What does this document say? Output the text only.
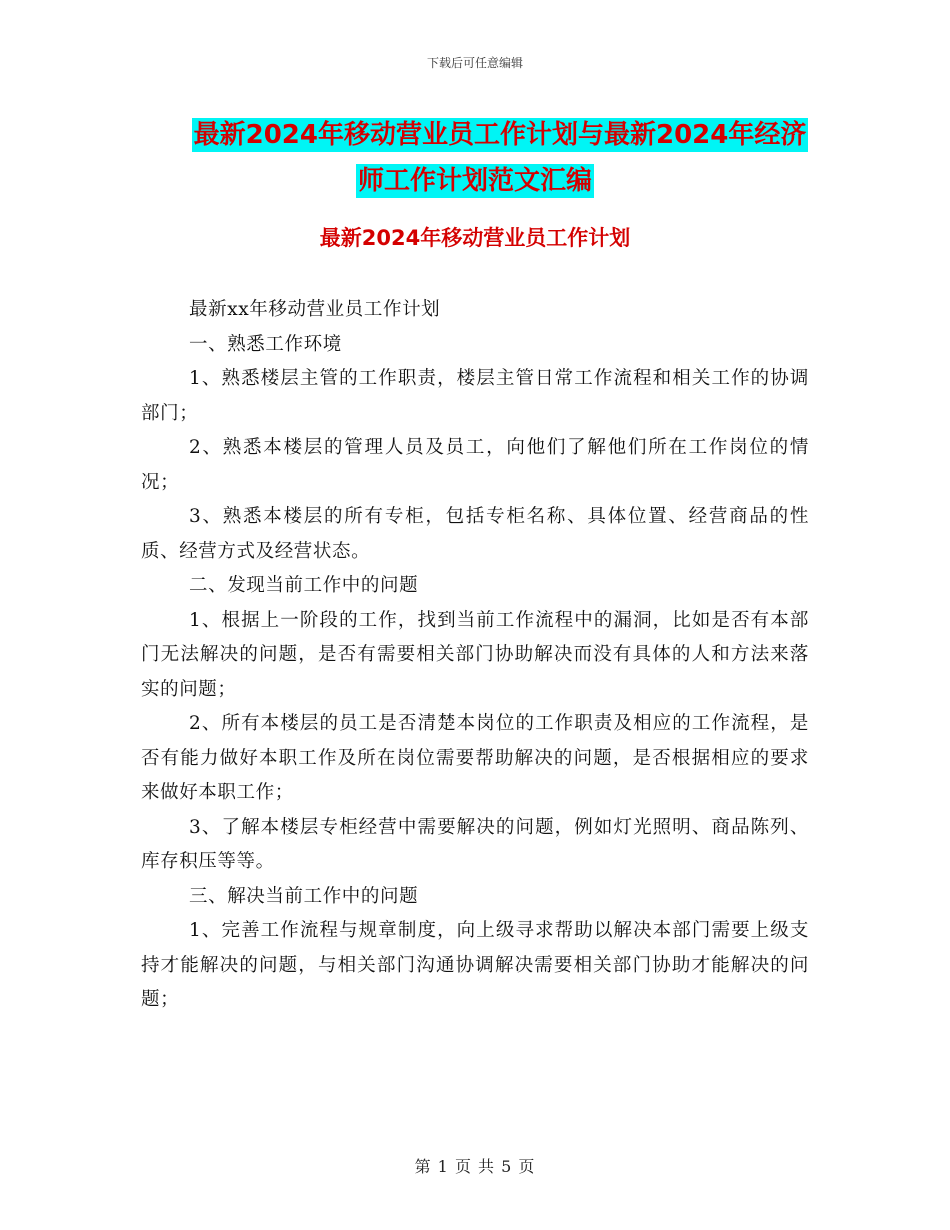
下载后可任意编辑
最新2024年移动营业员工作计划与最新2024年经济
师工作计划范文汇编
最新2024年移动营业员工作计划

最新xx年移动营业员工作计划

一、熟悉工作环境

1、熟悉楼层主管的工作职责，楼层主管日常工作流程和相关工作的协调部门；

2、熟悉本楼层的管理人员及员工，向他们了解他们所在工作岗位的情况；

3、熟悉本楼层的所有专柜，包括专柜名称、具体位置、经营商品的性质、经营方式及经营状态。

二、发现当前工作中的问题

1、根据上一阶段的工作，找到当前工作流程中的漏洞，比如是否有本部门无法解决的问题，是否有需要相关部门协助解决而没有具体的人和方法来落实的问题；

2、所有本楼层的员工是否清楚本岗位的工作职责及相应的工作流程，是否有能力做好本职工作及所在岗位需要帮助解决的问题，是否根据相应的要求来做好本职工作；

3、了解本楼层专柜经营中需要解决的问题，例如灯光照明、商品陈列、库存积压等等。

三、解决当前工作中的问题

1、完善工作流程与规章制度，向上级寻求帮助以解决本部门需要上级支持才能解决的问题，与相关部门沟通协调解决需要相关部门协助才能解决的问题；

第 1 页 共 5 页
